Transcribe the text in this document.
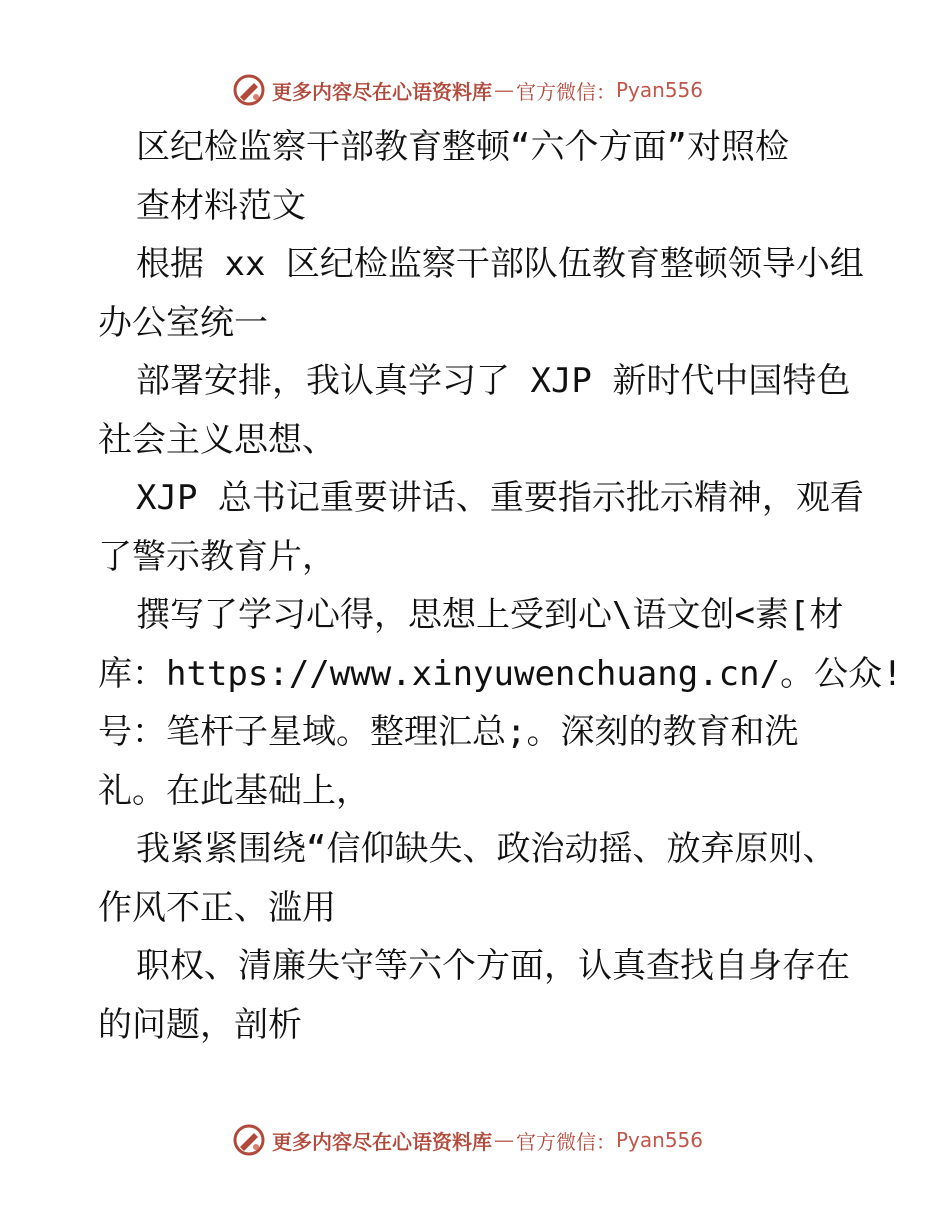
更多内容尽在心语资料库 — 官方微信： Pyan556
区纪检监察干部教育整顿“六个方面”对照检
查材料范文
根据 xx 区纪检监察干部队伍教育整顿领导小组
办公室统一
部署安排，我认真学习了 XJP 新时代中国特色
社会主义思想、
XJP 总书记重要讲话、重要指示批示精神，观看
了警示教育片，
撰写了学习心得，思想上受到心\语文创<素[材
库：https://www.xinyuwenchuang.cn/。公众!
号：笔杆子星域。整理汇总;。深刻的教育和洗
礼。在此基础上，
我紧紧围绕“信仰缺失、政治动摇、放弃原则、
作风不正、滥用
职权、清廉失守等六个方面，认真查找自身存在
的问题，剖析
更多内容尽在心语资料库 — 官方微信： Pyan556
